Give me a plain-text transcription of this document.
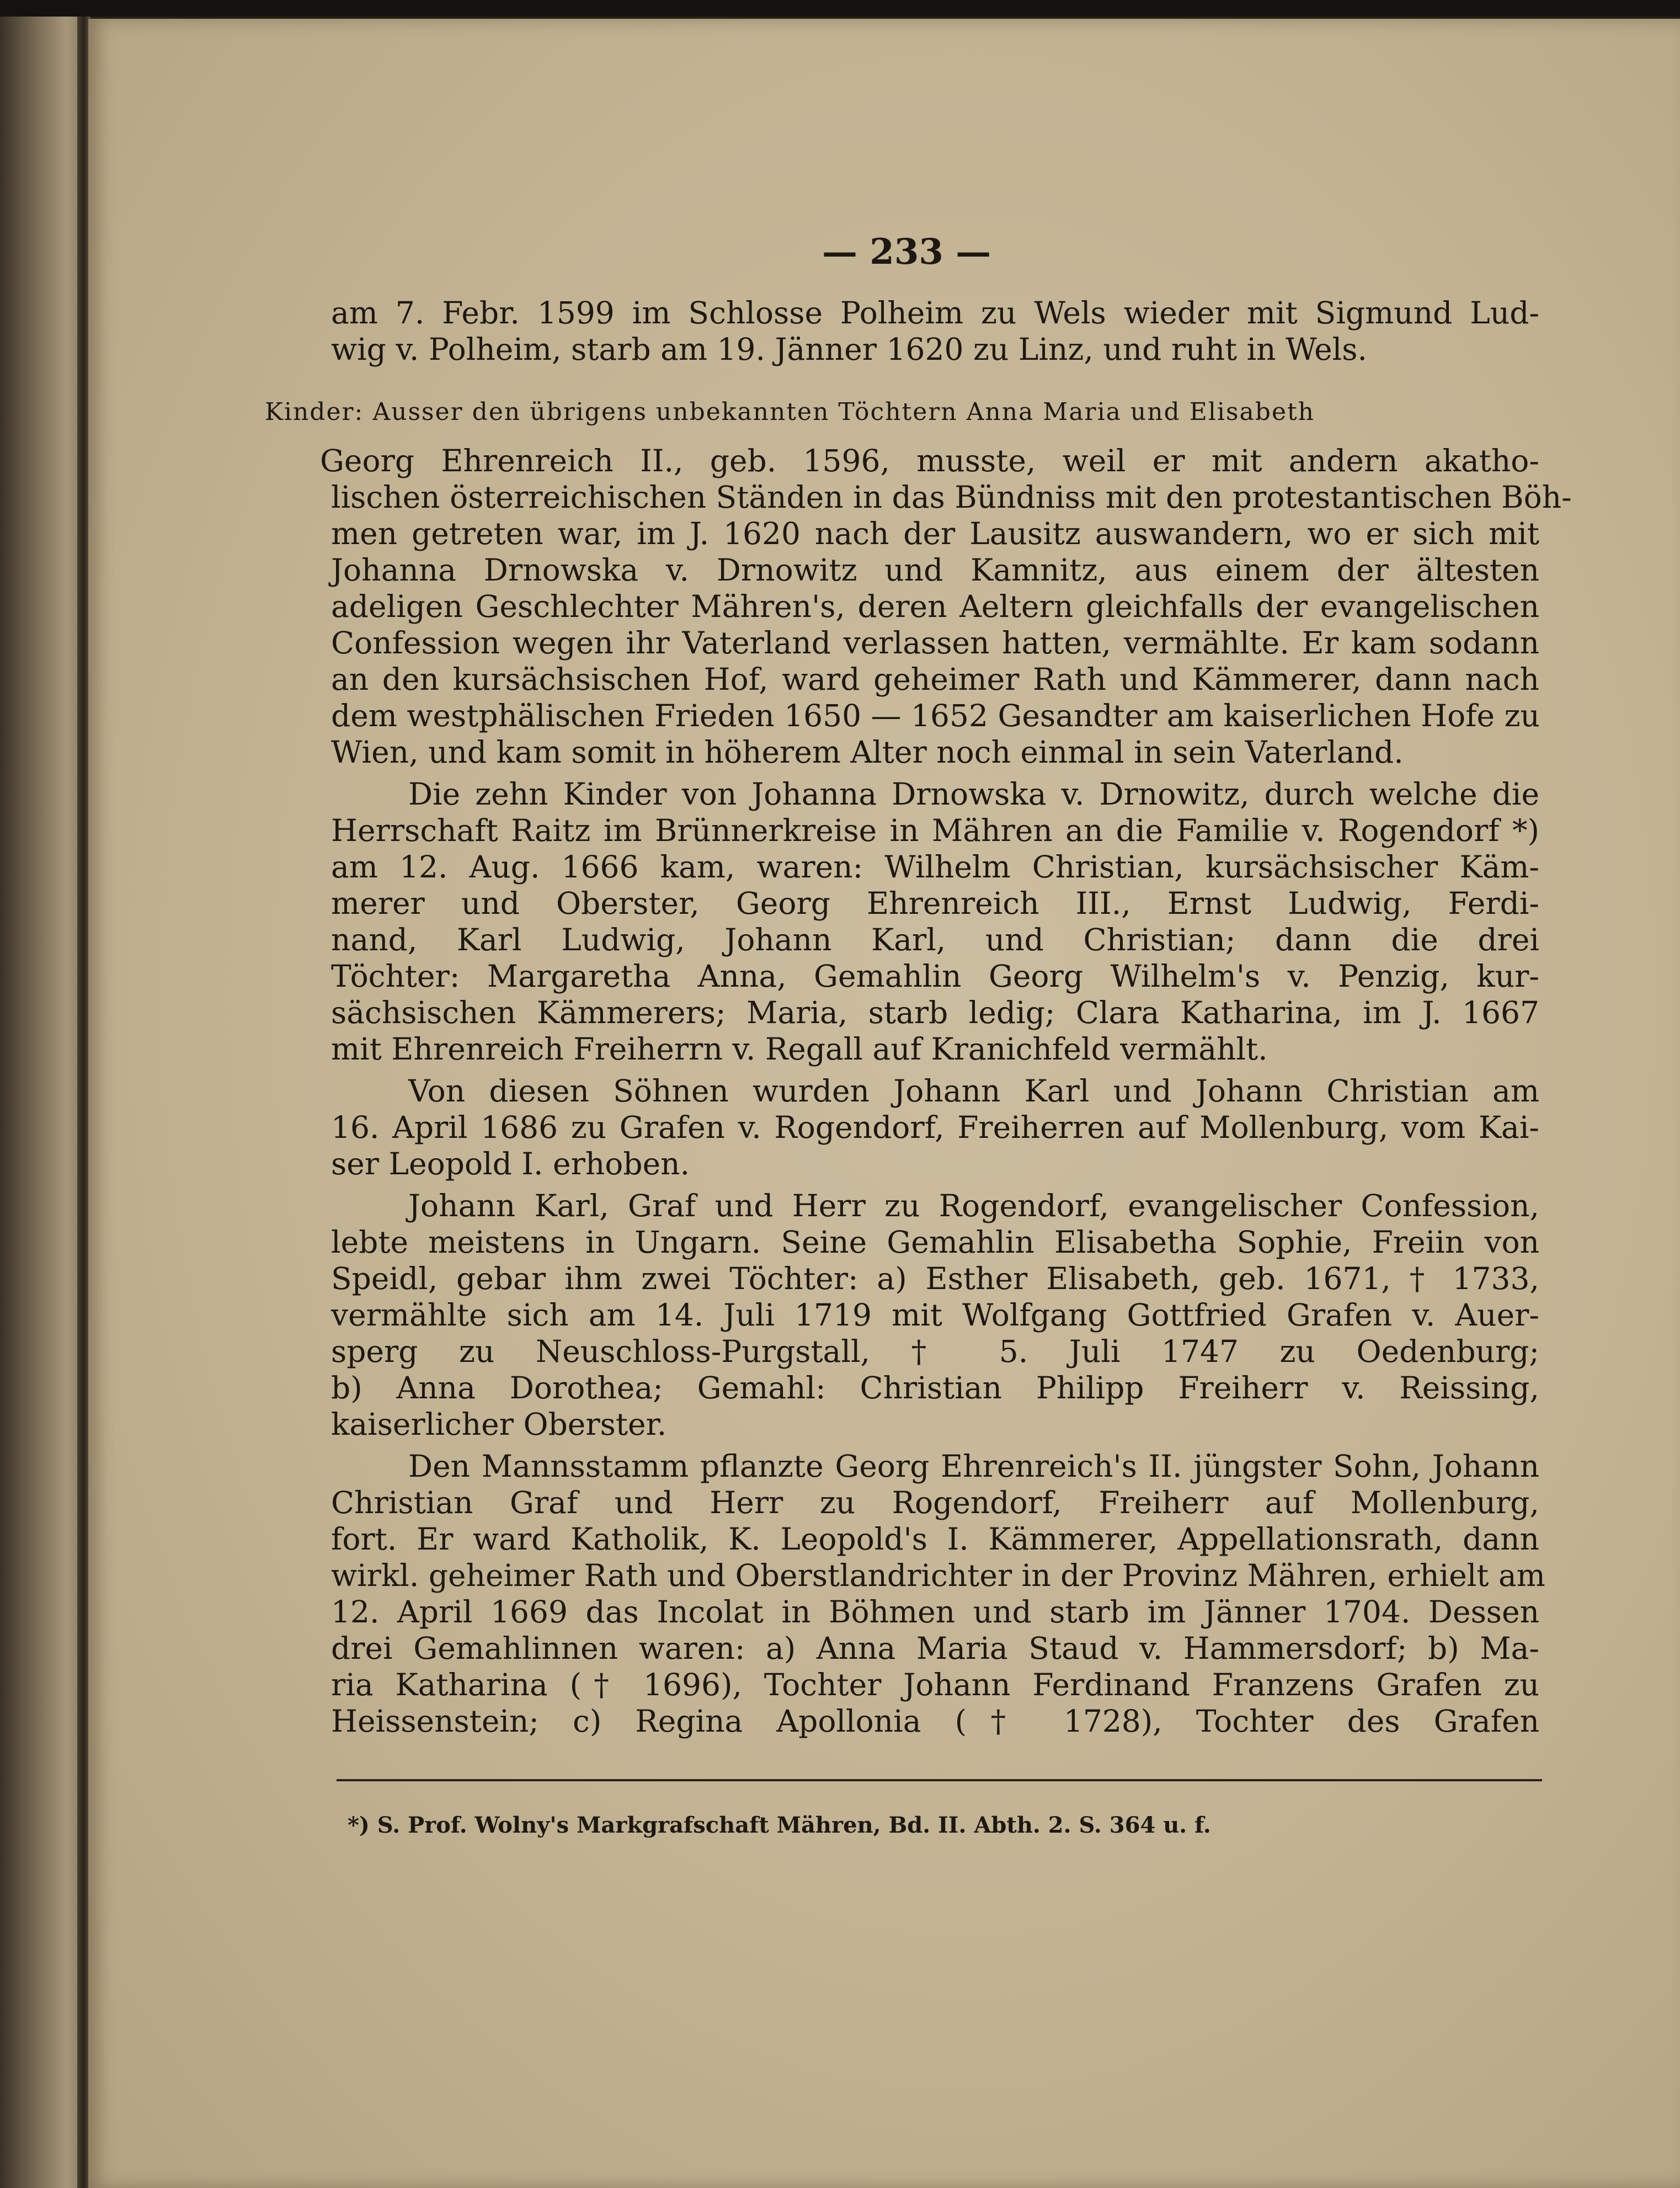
— 233 —
am 7. Febr. 1599 im Schlosse Polheim zu Wels wieder mit Sigmund Lud-
wig v. Polheim, starb am 19. Jänner 1620 zu Linz, und ruht in Wels.
Kinder: Ausser den übrigens unbekannten Töchtern Anna Maria und Elisabeth
Georg Ehrenreich II., geb. 1596, musste, weil er mit andern akatho-
lischen österreichischen Ständen in das Bündniss mit den protestantischen Böh-
men getreten war, im J. 1620 nach der Lausitz auswandern, wo er sich mit
Johanna Drnowska v. Drnowitz und Kamnitz, aus einem der ältesten
adeligen Geschlechter Mähren's, deren Aeltern gleichfalls der evangelischen
Confession wegen ihr Vaterland verlassen hatten, vermählte. Er kam sodann
an den kursächsischen Hof, ward geheimer Rath und Kämmerer, dann nach
dem westphälischen Frieden 1650 — 1652 Gesandter am kaiserlichen Hofe zu
Wien, und kam somit in höherem Alter noch einmal in sein Vaterland.
Die zehn Kinder von Johanna Drnowska v. Drnowitz, durch welche die
Herrschaft Raitz im Brünnerkreise in Mähren an die Familie v. Rogendorf *)
am 12. Aug. 1666 kam, waren: Wilhelm Christian, kursächsischer Käm-
merer und Oberster, Georg Ehrenreich III., Ernst Ludwig, Ferdi-
nand, Karl Ludwig, Johann Karl, und Christian; dann die drei
Töchter: Margaretha Anna, Gemahlin Georg Wilhelm's v. Penzig, kur-
sächsischen Kämmerers; Maria, starb ledig; Clara Katharina, im J. 1667
mit Ehrenreich Freiherrn v. Regall auf Kranichfeld vermählt.
Von diesen Söhnen wurden Johann Karl und Johann Christian am
16. April 1686 zu Grafen v. Rogendorf, Freiherren auf Mollenburg, vom Kai-
ser Leopold I. erhoben.
Johann Karl, Graf und Herr zu Rogendorf, evangelischer Confession,
lebte meistens in Ungarn. Seine Gemahlin Elisabetha Sophie, Freiin von
Speidl, gebar ihm zwei Töchter: a) Esther Elisabeth, geb. 1671, † 1733,
vermählte sich am 14. Juli 1719 mit Wolfgang Gottfried Grafen v. Auer-
sperg zu Neuschloss-Purgstall, † 5. Juli 1747 zu Oedenburg;
b) Anna Dorothea; Gemahl: Christian Philipp Freiherr v. Reissing,
kaiserlicher Oberster.
Den Mannsstamm pflanzte Georg Ehrenreich's II. jüngster Sohn, Johann
Christian Graf und Herr zu Rogendorf, Freiherr auf Mollenburg,
fort. Er ward Katholik, K. Leopold's I. Kämmerer, Appellationsrath, dann
wirkl. geheimer Rath und Oberstlandrichter in der Provinz Mähren, erhielt am
12. April 1669 das Incolat in Böhmen und starb im Jänner 1704. Dessen
drei Gemahlinnen waren: a) Anna Maria Staud v. Hammersdorf; b) Ma-
ria Katharina († 1696), Tochter Johann Ferdinand Franzens Grafen zu
Heissenstein; c) Regina Apollonia († 1728), Tochter des Grafen
*) S. Prof. Wolny's Markgrafschaft Mähren, Bd. II. Abth. 2. S. 364 u. f.
